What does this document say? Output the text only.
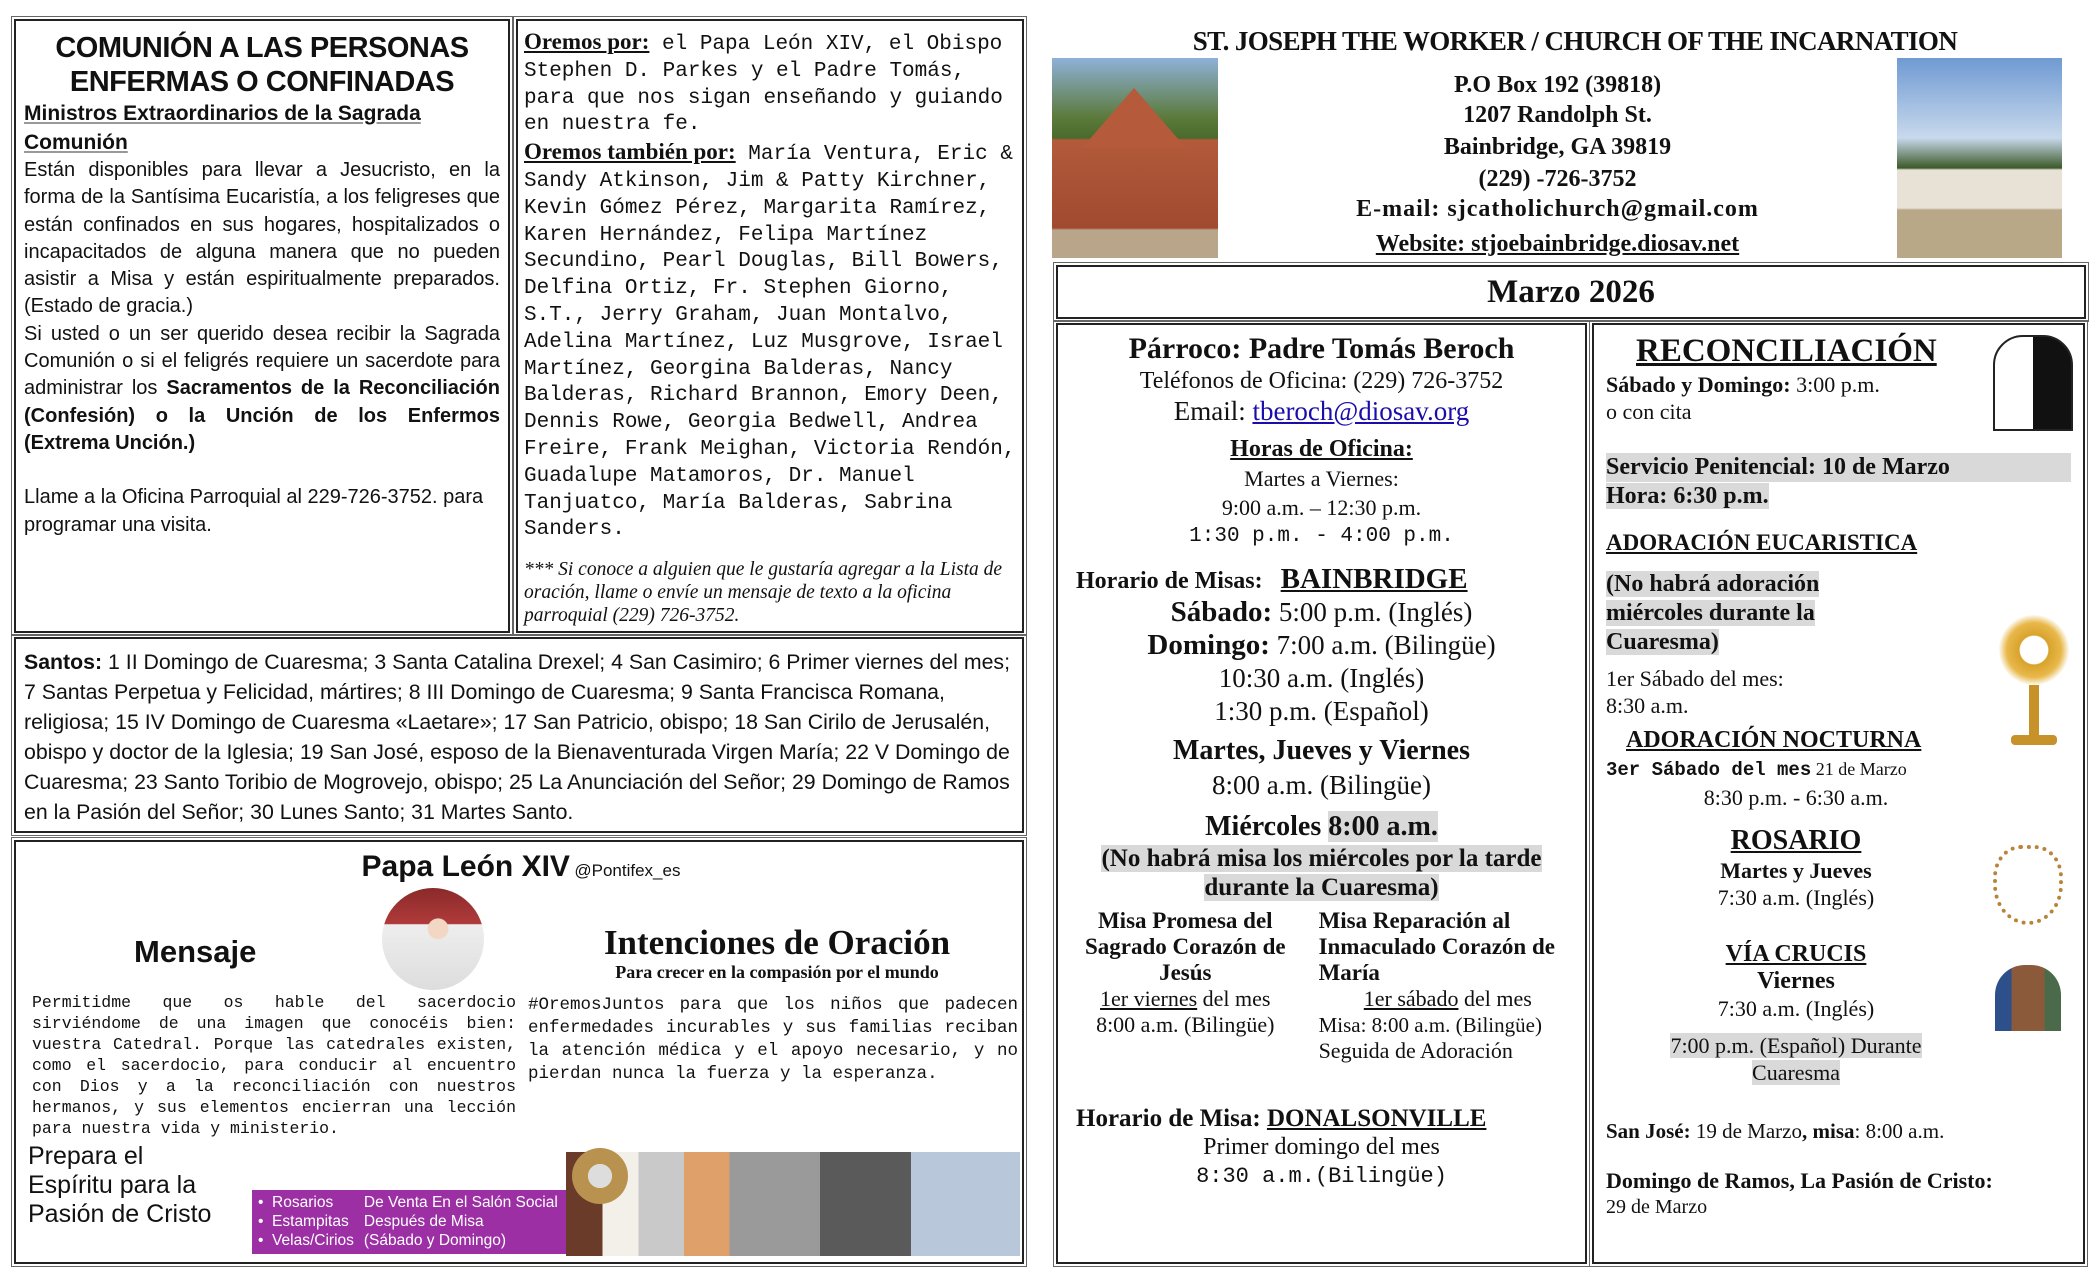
COMUNIÓN A LAS PERSONAS ENFERMAS O CONFINADAS
Ministros Extraordinarios de la Sagrada Comunión

Están disponibles para llevar a Jesucristo, en la forma de la Santísima Eucaristía, a los feligreses que están confinados en sus hogares, hospitalizados o incapacitados de alguna manera que no pueden asistir a Misa y están espiritualmente preparados. (Estado de gracia.)

Si usted o un ser querido desea recibir la Sagrada Comunión o si el feligrés requiere un sacerdote para administrar los Sacramentos de la Reconciliación (Confesión) o la Unción de los Enfermos (Extrema Unción.)

Llame a la Oficina Parroquial al 229-726-3752. para programar una visita.

Oremos por: el Papa León XIV, el Obispo Stephen D. Parkes y el Padre Tomás, para que nos sigan enseñando y guiando en nuestra fe.

Oremos también por: María Ventura, Eric & Sandy Atkinson, Jim & Patty Kirchner, Kevin Gómez Pérez, Margarita Ramírez, Karen Hernández, Felipa Martínez Secundino, Pearl Douglas, Bill Bowers, Delfina Ortiz, Fr. Stephen Giorno, S.T., Jerry Graham, Juan Montalvo, Adelina Martínez, Luz Musgrove, Israel Martínez, Georgina Balderas, Nancy Balderas, Richard Brannon, Emory Deen, Dennis Rowe, Georgia Bedwell, Andrea Freire, Frank Meighan, Victoria Rendón, Guadalupe Matamoros, Dr. Manuel Tanjuatco, María Balderas, Sabrina Sanders.

*** Si conoce a alguien que le gustaría agregar a la Lista de oración, llame o envíe un mensaje de texto a la oficina parroquial (229) 726-3752.

Santos: 1 II Domingo de Cuaresma; 3 Santa Catalina Drexel; 4 San Casimiro; 6 Primer viernes del mes; 7 Santas Perpetua y Felicidad, mártires; 8 III Domingo de Cuaresma; 9 Santa Francisca Romana, religiosa; 15 IV Domingo de Cuaresma «Laetare»; 17 San Patricio, obispo; 18 San Cirilo de Jerusalén, obispo y doctor de la Iglesia; 19 San José, esposo de la Bienaventurada Virgen María; 22 V Domingo de Cuaresma; 23 Santo Toribio de Mogrovejo, obispo; 25 La Anunciación del Señor; 29 Domingo de Ramos en la Pasión del Señor; 30 Lunes Santo; 31 Martes Santo.

Papa León XIV @Pontifex_es
Mensaje
Permitidme que os hable del sacerdocio sirviéndome de una imagen que conocéis bien: vuestra Catedral. Porque las catedrales existen, como el sacerdocio, para conducir al encuentro con Dios y a la reconciliación con nuestros hermanos, y sus elementos encierran una lección para nuestra vida y ministerio.
Intenciones de Oración
Para crecer en la compasión por el mundo
#OremosJuntos para que los niños que padecen enfermedades incurables y sus familias reciban la atención médica y el apoyo necesario, y no pierdan nunca la fuerza y la esperanza.
Prepara el
Espíritu para la
Pasión de Cristo	•  Rosarios
•  Estampitas
•  Velas/Cirios
De Venta En el Salón Social
Después de Misa
(Sábado y Domingo)
ST. JOSEPH THE WORKER / CHURCH OF THE INCARNATION
P.O Box 192 (39818)
1207 Randolph St.
Bainbridge, GA 39819
(229) -726-3752
E-mail: sjcatholichurch@gmail.com
Website: stjoebainbridge.diosav.net
Marzo 2026
Párroco: Padre Tomás Beroch
Teléfonos de Oficina: (229) 726-3752
Email: tberoch@diosav.org
Horas de Oficina:
Martes a Viernes:
9:00 a.m. – 12:30 p.m.
1:30 p.m. - 4:00 p.m.
Horario de Misas: BAINBRIDGE
Sábado: 5:00 p.m. (Inglés)
Domingo: 7:00 a.m. (Bilingüe)
10:30 a.m. (Inglés)
1:30 p.m. (Español)
Martes, Jueves y Viernes
8:00 a.m. (Bilingüe)
Miércoles 8:00 a.m.
(No habrá misa los miércoles por la tarde durante la Cuaresma)
Misa Promesa del Sagrado Corazón de Jesús
1er viernes del mes
8:00 a.m. (Bilingüe)
Misa Reparación al Inmaculado Corazón de María
1er sábado del mes
Misa: 8:00 a.m. (Bilingüe)
Seguida de Adoración
Horario de Misa: DONALSONVILLE
Primer domingo del mes
8:30 a.m.(Bilingüe)
RECONCILIACIÓN
Sábado y Domingo: 3:00 p.m.
o con cita
Servicio Penitencial: 10 de Marzo
Hora: 6:30 p.m.
ADORACIÓN EUCARISTICA
(No habrá adoración miércoles durante la Cuaresma)
1er Sábado del mes:
8:30 a.m.
ADORACIÓN NOCTURNA
3er Sábado del mes 21 de Marzo
8:30 p.m. - 6:30 a.m.
ROSARIO
Martes y Jueves
7:30 a.m. (Inglés)
VÍA CRUCIS
Viernes
7:30 a.m. (Inglés)
7:00 p.m. (Español) Durante Cuaresma
San José: 19 de Marzo, misa: 8:00 a.m.
Domingo de Ramos, La Pasión de Cristo:
29 de Marzo
